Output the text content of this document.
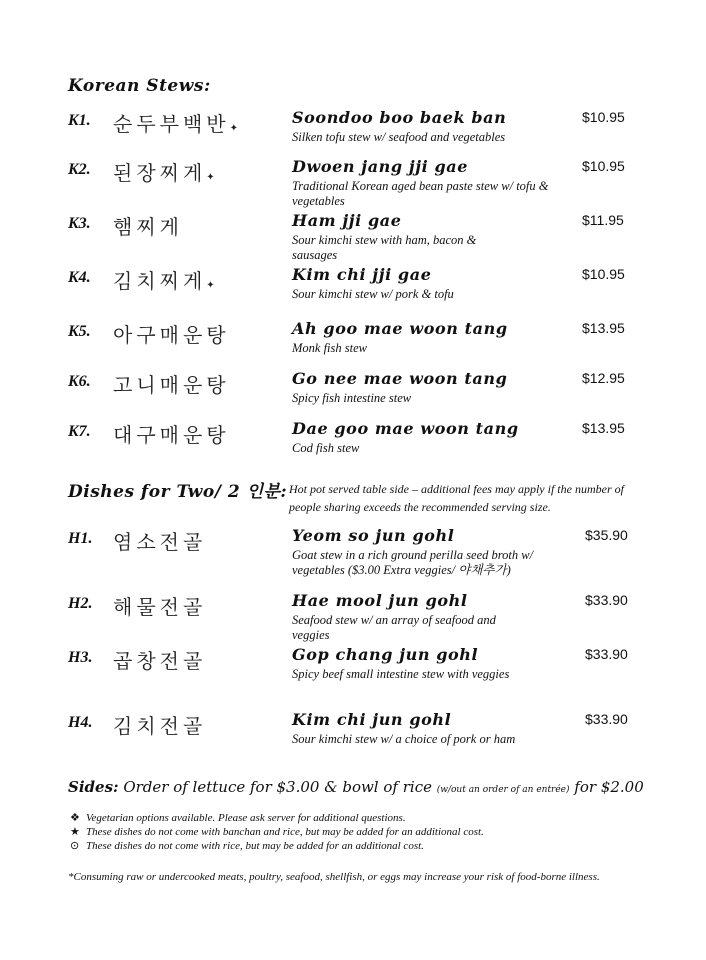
Korean Stews:
K1. 순두부백반✦
Soondoo boo baek ban
Silken tofu stew w/ seafood and vegetables
$10.95
K2. 된장찌게✦
Dwoen jang jji gae
Traditional Korean aged bean paste stew w/ tofu & vegetables
$10.95
K3. 햄찌게	Ham jji gae
Sour kimchi stew with ham, bacon & sausages
$11.95
K4. 김치찌게✦
Kim chi jji gae
Sour kimchi stew w/ pork & tofu
$10.95
K5. 아구매운탕	Ah goo mae woon tang
Monk fish stew
$13.95
K6. 고니매운탕	Go nee mae woon tang
Spicy fish intestine stew
$12.95
K7. 대구매운탕	Dae goo mae woon tang
Cod fish stew
$13.95
Dishes for Two/ 2 인분: Hot pot served table side – additional fees may apply if the number of people sharing exceeds the recommended serving size.
H1. 염소전골	Yeom so jun gohl
Goat stew in a rich ground perilla seed broth w/ vegetables ($3.00 Extra veggies/ 야채추가)
$35.90
H2. 해물전골	Hae mool jun gohl
Seafood stew w/ an array of seafood and veggies
$33.90
H3. 곱창전골	Gop chang jun gohl
Spicy beef small intestine stew with veggies
$33.90
H4. 김치전골	Kim chi jun gohl
Sour kimchi stew w/ a choice of pork or ham
$33.90
Sides: Order of lettuce for $3.00 & bowl of rice (w/out an order of an entrée) for $2.00
❖ Vegetarian options available. Please ask server for additional questions.
★ These dishes do not come with banchan and rice, but may be added for an additional cost.
⊙ These dishes do not come with rice, but may be added for an additional cost.
*Consuming raw or undercooked meats, poultry, seafood, shellfish, or eggs may increase your risk of food-borne illness.
